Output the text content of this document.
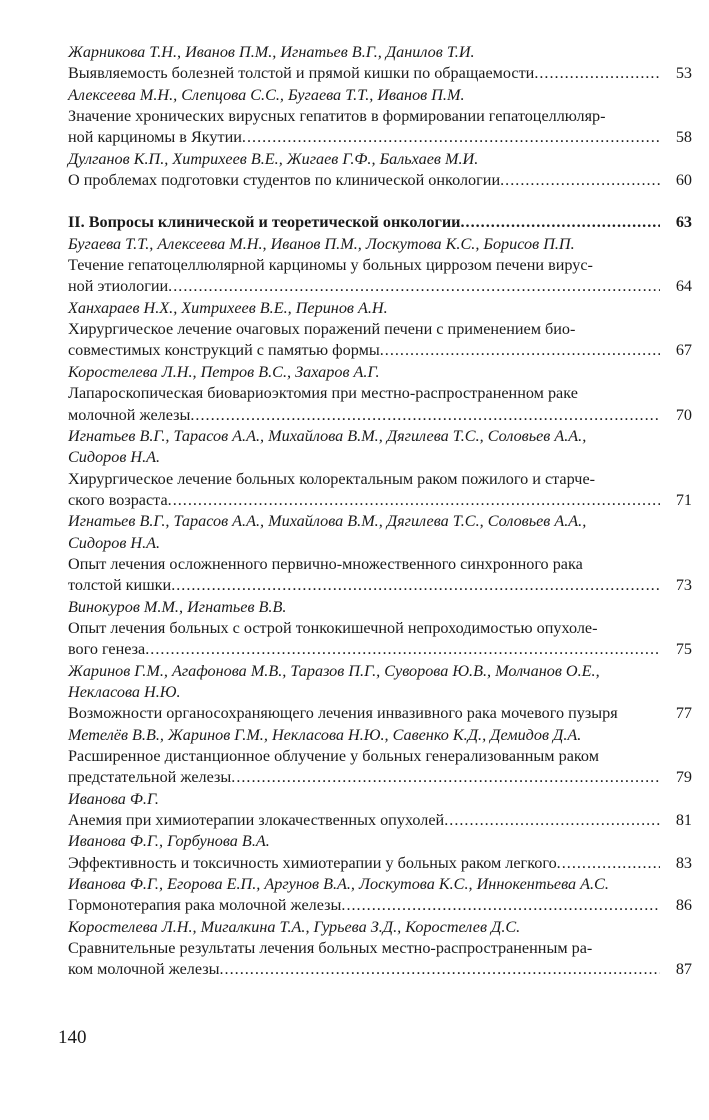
Жарникова Т.Н., Иванов П.М., Игнатьев В.Г., Данилов Т.И.
Выявляемость болезней толстой и прямой кишки по обращаемости .....	53
Алексеева М.Н., Слепцова С.С., Бугаева Т.Т., Иванов П.М.
Значение хронических вирусных гепатитов в формировании гепатоцеллюляр-
ной карциномы в Якутии .....	58
Дулганов К.П., Хитрихеев В.Е., Жигаев Г.Ф., Бальхаев М.И.
О проблемах подготовки студентов по клинической онкологии .....	60
II. Вопросы клинической и теоретической онкологии .....	63
Бугаева Т.Т., Алексеева М.Н., Иванов П.М., Лоскутова К.С., Борисов П.П.
Течение гепатоцеллюлярной карциномы у больных циррозом печени вирус-
ной этиологии .....	64
Ханхараев Н.Х., Хитрихеев В.Е., Перинов А.Н.
Хирургическое лечение очаговых поражений печени с применением био-
совместимых конструкций с памятью формы .....	67
Коростелева Л.Н., Петров В.С., Захаров А.Г.
Лапароскопическая биовариоэктомия при местно-распространенном раке
молочной железы .....	70
Игнатьев В.Г., Тарасов А.А., Михайлова В.М., Дягилева Т.С., Соловьев А.А.,
Сидоров Н.А.
Хирургическое лечение больных колоректальным раком пожилого и старче-
ского возраста .....	71
Игнатьев В.Г., Тарасов А.А., Михайлова В.М., Дягилева Т.С., Соловьев А.А.,
Сидоров Н.А.
Опыт лечения осложненного первично-множественного синхронного рака
толстой кишки .....	73
Винокуров М.М., Игнатьев В.В.
Опыт лечения больных с острой тонкокишечной непроходимостью опухоле-
вого генеза .....	75
Жаринов Г.М., Агафонова М.В., Таразов П.Г., Суворова Ю.В., Молчанов О.Е.,
Некласова Н.Ю.
Возможности органосохраняющего лечения инвазивного рака мочевого пузыря	77
Метелёв В.В., Жаринов Г.М., Некласова Н.Ю., Савенко К.Д., Демидов Д.А.
Расширенное дистанционное облучение у больных генерализованным раком
предстательной железы .....	79
Иванова Ф.Г.
Анемия при химиотерапии злокачественных опухолей .....	81
Иванова Ф.Г., Горбунова В.А.
Эффективность и токсичность химиотерапии у больных раком легкого .....	83
Иванова Ф.Г., Егорова Е.П., Аргунов В.А., Лоскутова К.С., Иннокентьева А.С.
Гормонотерапия рака молочной железы .....	86
Коростелева Л.Н., Мигалкина Т.А., Гурьева З.Д., Коростелев Д.С.
Сравнительные результаты лечения больных местно-распространенным ра-
ком молочной железы .....	87
140
